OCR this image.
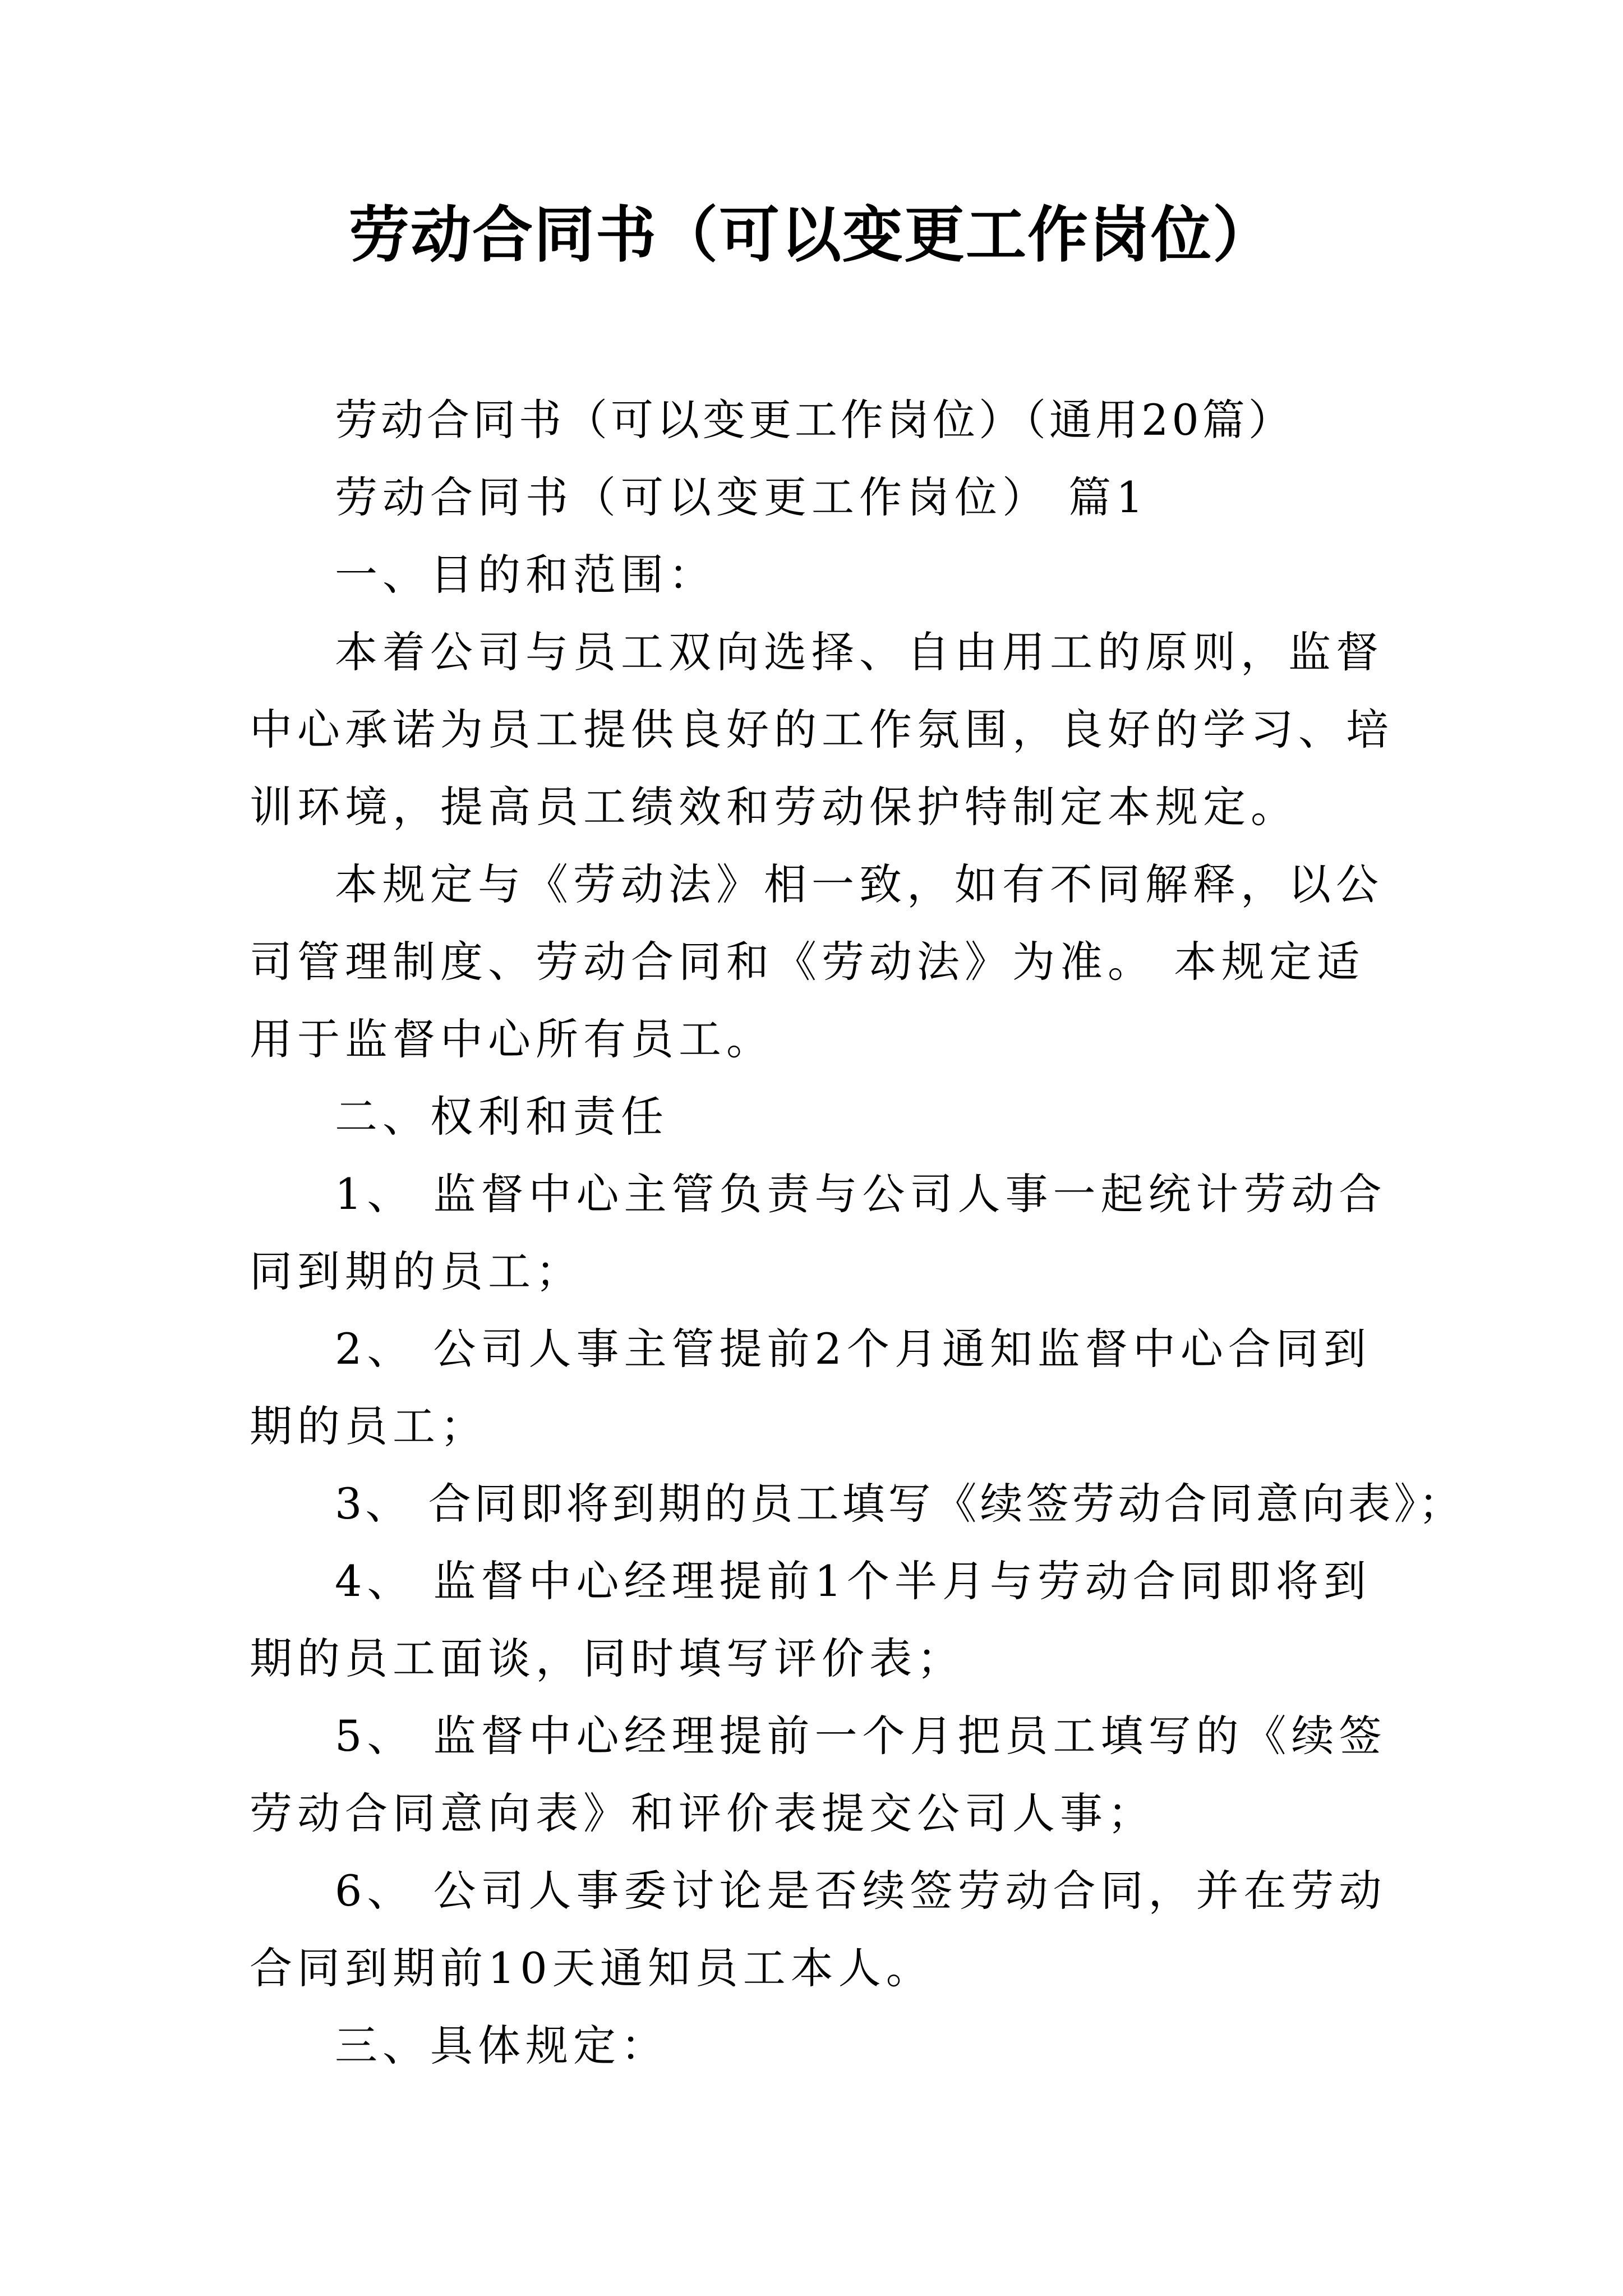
劳动合同书（可以变更工作岗位）

劳动合同书（可以变更工作岗位）（通用20篇）

劳动合同书（可以变更工作岗位） 篇1

一、目的和范围：

本着公司与员工双向选择、自由用工的原则，监督中心承诺为员工提供良好的工作氛围，良好的学习、培训环境，提高员工绩效和劳动保护特制定本规定。

本规定与《劳动法》相一致，如有不同解释，以公司管理制度、劳动合同和《劳动法》为准。 本规定适用于监督中心所有员工。

二、权利和责任

1、 监督中心主管负责与公司人事一起统计劳动合同到期的员工；

2、 公司人事主管提前2个月通知监督中心合同到期的员工；

3、 合同即将到期的员工填写《续签劳动合同意向表》；

4、 监督中心经理提前1个半月与劳动合同即将到期的员工面谈，同时填写评价表；

5、 监督中心经理提前一个月把员工填写的《续签劳动合同意向表》和评价表提交公司人事；

6、 公司人事委讨论是否续签劳动合同，并在劳动合同到期前10天通知员工本人。

三、具体规定：
